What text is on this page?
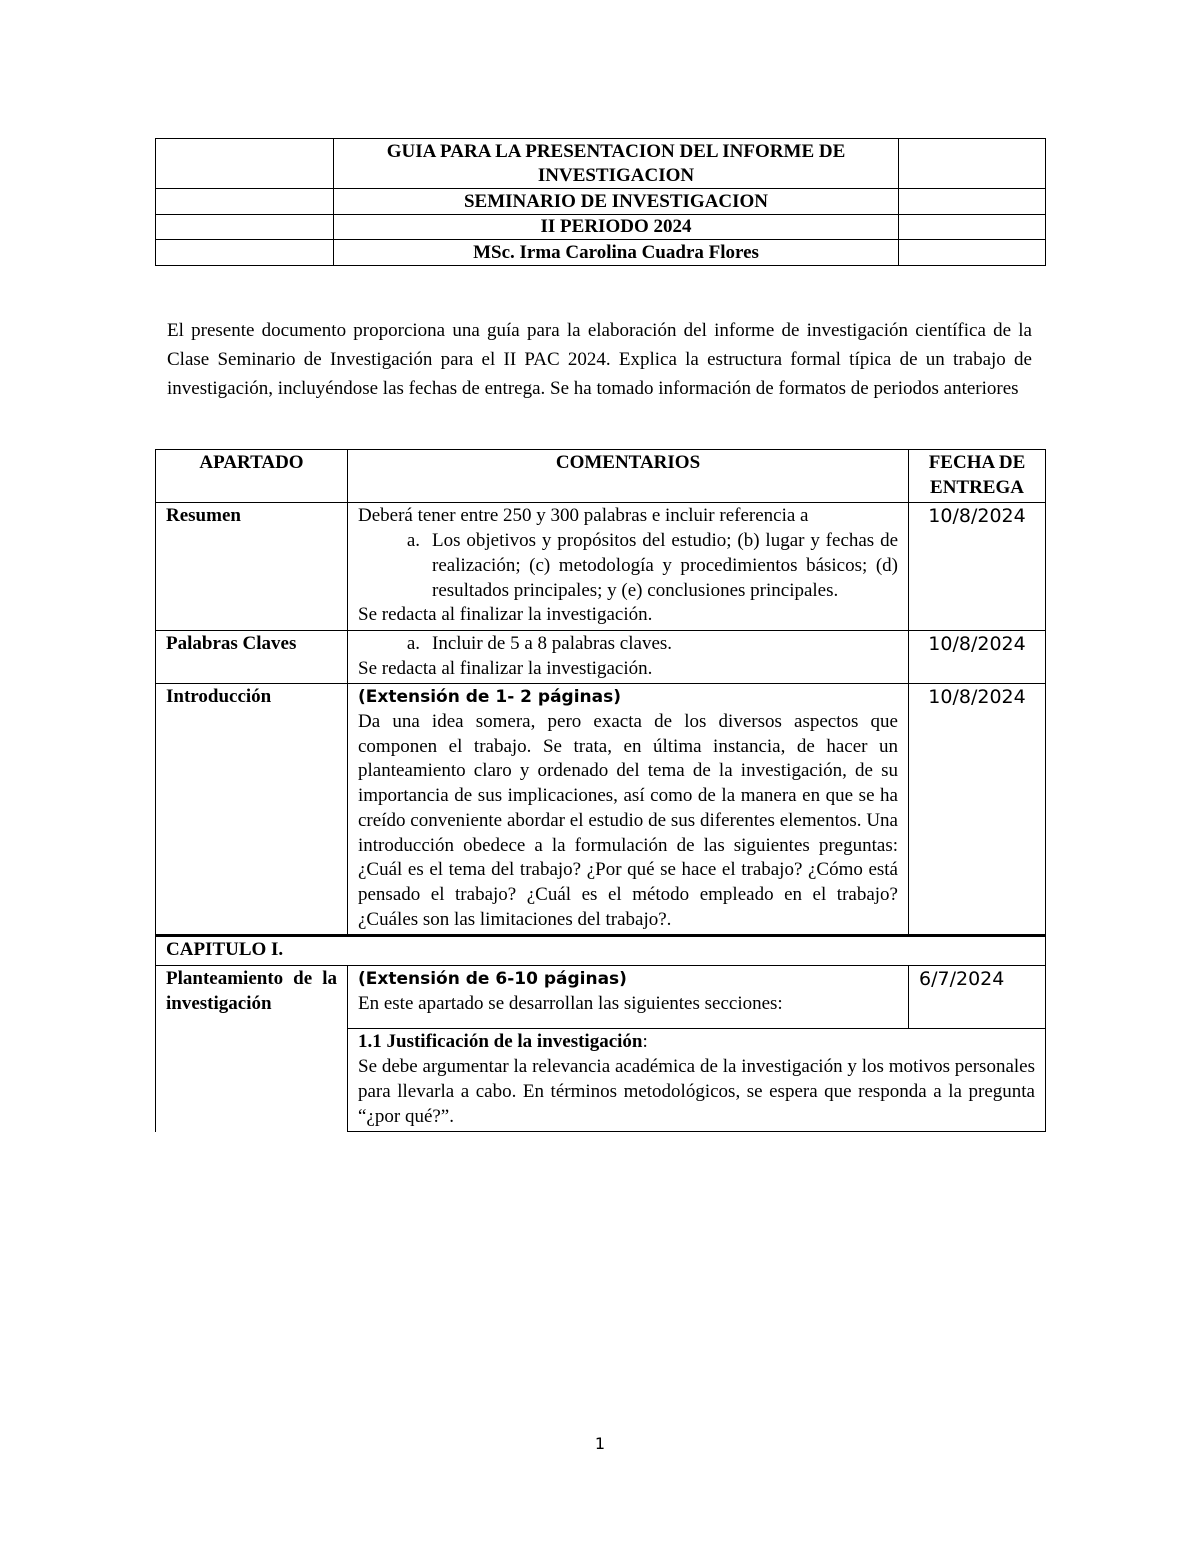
	GUIA PARA LA PRESENTACION DEL INFORME DE INVESTIGACION	
	SEMINARIO DE INVESTIGACION	
	II PERIODO 2024	
	MSc. Irma Carolina Cuadra Flores	

El presente documento proporciona una guía para la elaboración del informe de investigación científica de la Clase Seminario de Investigación para el II PAC 2024. Explica la estructura formal típica de un trabajo de investigación, incluyéndose las fechas de entrega. Se ha tomado información de formatos de periodos anteriores

APARTADO	COMENTARIOS	FECHA DE ENTREGA
Resumen	Deberá tener entre 250 y 300 palabras e incluir referencia a
a. Los objetivos y propósitos del estudio; (b) lugar y fechas de realización; (c) metodología y procedimientos básicos; (d) resultados principales; y (e) conclusiones principales.
Se redacta al finalizar la investigación.	10/8/2024
Palabras Claves	a. Incluir de 5 a 8 palabras claves.
Se redacta al finalizar la investigación.	10/8/2024
Introducción	(Extensión de 1- 2 páginas)
Da una idea somera, pero exacta de los diversos aspectos que componen el trabajo. Se trata, en última instancia, de hacer un planteamiento claro y ordenado del tema de la investigación, de su importancia de sus implicaciones, así como de la manera en que se ha creído conveniente abordar el estudio de sus diferentes elementos. Una introducción obedece a la formulación de las siguientes preguntas: ¿Cuál es el tema del trabajo? ¿Por qué se hace el trabajo? ¿Cómo está pensado el trabajo? ¿Cuál es el método empleado en el trabajo? ¿Cuáles son las limitaciones del trabajo?.	10/8/2024
CAPITULO I.		
Planteamiento de la investigación	(Extensión de 6-10 páginas)
En este apartado se desarrollan las siguientes secciones:	6/7/2024

	1.1 Justificación de la investigación:
Se debe argumentar la relevancia académica de la investigación y los motivos personales para llevarla a cabo. En términos metodológicos, se espera que responda a la pregunta “¿por qué?”.	
1
